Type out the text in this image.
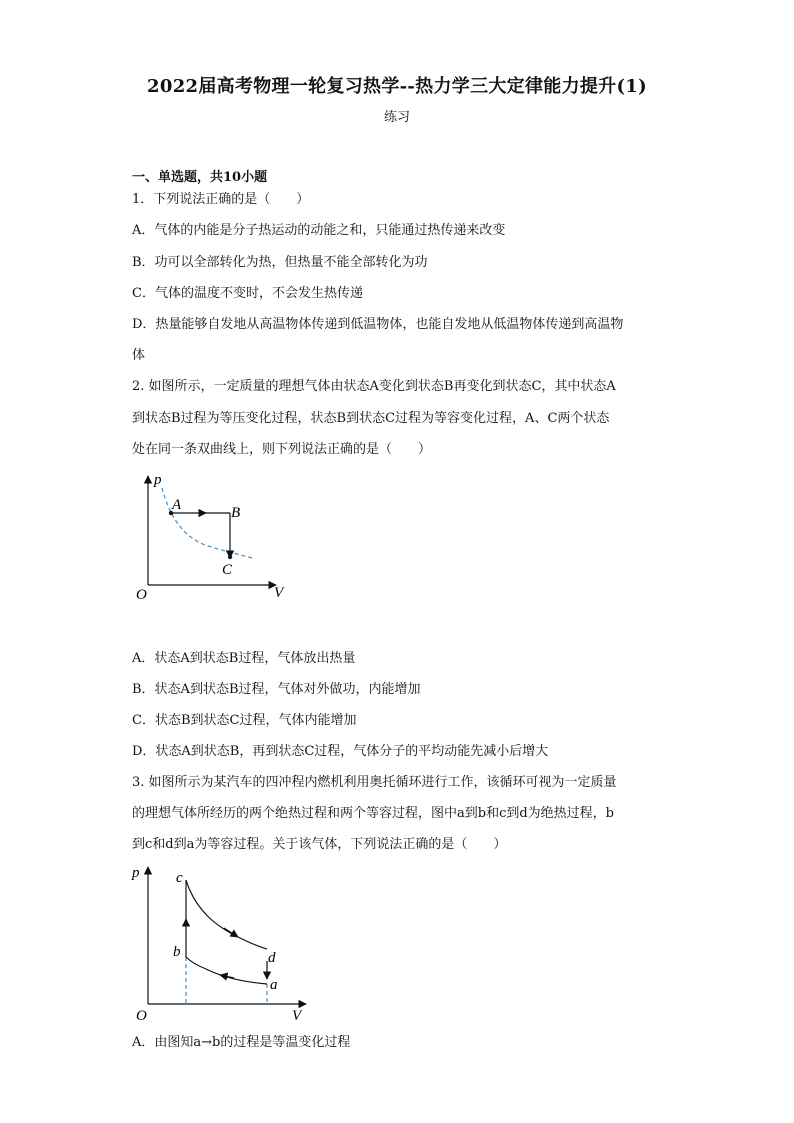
2022届高考物理一轮复习热学--热力学三大定律能力提升(1)
练习
一、单选题，共10小题
1．下列说法正确的是（　　）
A．气体的内能是分子热运动的动能之和，只能通过热传递来改变
B．功可以全部转化为热，但热量不能全部转化为功
C．气体的温度不变时，不会发生热传递
D．热量能够自发地从高温物体传递到低温物体，也能自发地从低温物体传递到高温物
体
2. 如图所示，一定质量的理想气体由状态A变化到状态B再变化到状态C，其中状态A
到状态B过程为等压变化过程，状态B到状态C过程为等容变化过程，A、C两个状态
处在同一条双曲线上，则下列说法正确的是（　　）
p
V
O
A	B
C
A．状态A到状态B过程，气体放出热量
B．状态A到状态B过程，气体对外做功，内能增加
C．状态B到状态C过程，气体内能增加
D．状态A到状态B，再到状态C过程，气体分子的平均动能先减小后增大
3. 如图所示为某汽车的四冲程内燃机利用奥托循环进行工作，该循环可视为一定质量
的理想气体所经历的两个绝热过程和两个等容过程，图中a到b和c到d为绝热过程，b
到c和d到a为等容过程。关于该气体，下列说法正确的是（　　）
p
V
O
c
b	d
a
A．由图知a→b的过程是等温变化过程
